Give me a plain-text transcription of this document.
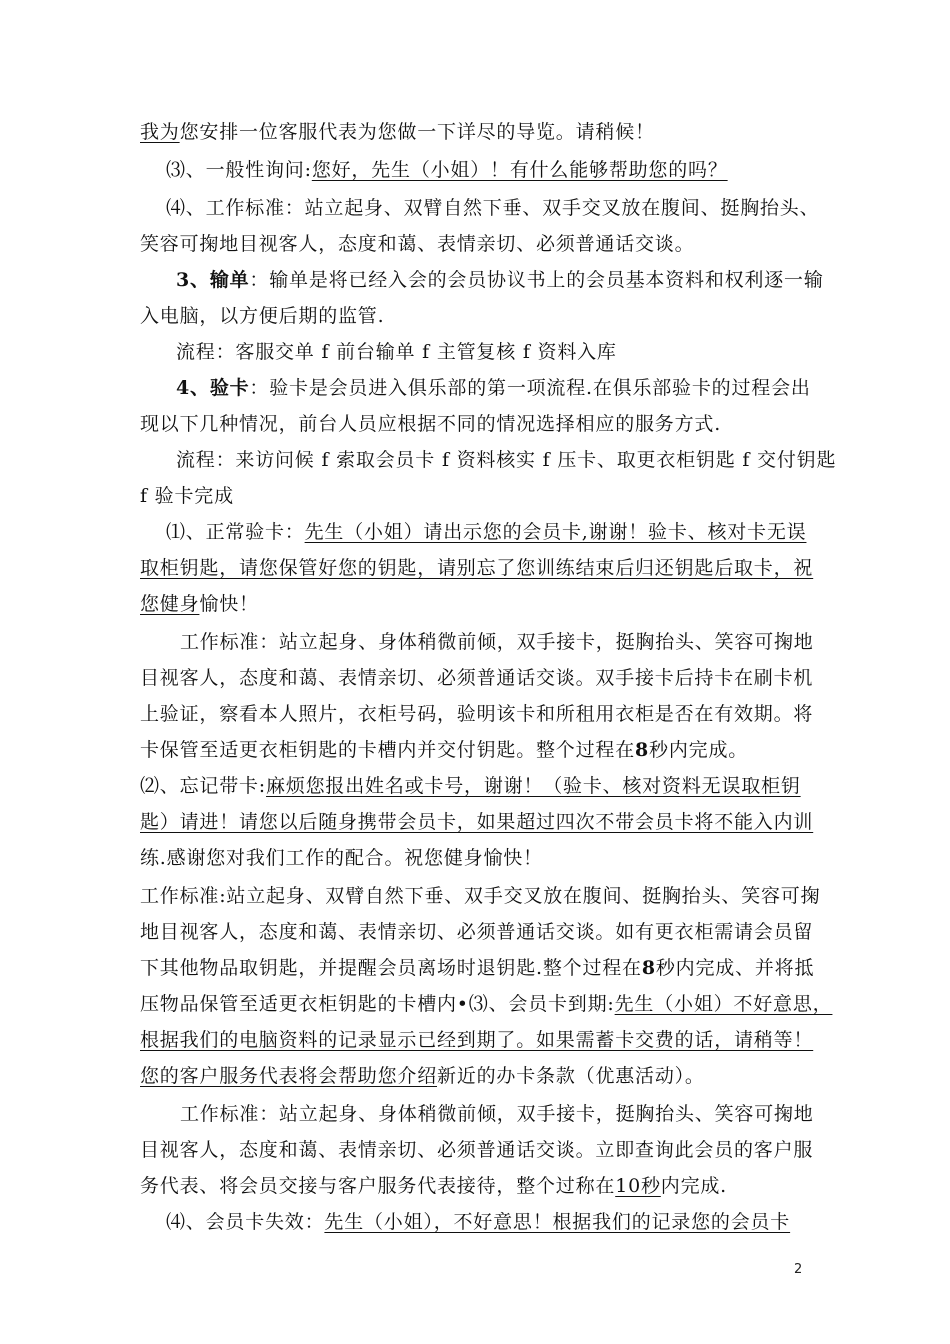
2
我为您安排一位客服代表为您做一下详尽的导览。请稍候！
⑶、一般性询问:您好，先生（小姐）！有什么能够帮助您的吗？
⑷、工作标准：站立起身、双臂自然下垂、双手交叉放在腹间、挺胸抬头、
笑容可掬地目视客人，态度和蔼、表情亲切、必须普通话交谈。
3、输单：输单是将已经入会的会员协议书上的会员基本资料和权利逐一输
入电脑，以方便后期的监管.
流程：客服交单 f 前台输单 f 主管复核 f 资料入库
4、验卡：验卡是会员进入俱乐部的第一项流程.在俱乐部验卡的过程会出
现以下几种情况，前台人员应根据不同的情况选择相应的服务方式.
流程：来访问候 f 索取会员卡 f 资料核实 f 压卡、取更衣柜钥匙 f 交付钥匙
f 验卡完成
⑴、正常验卡：先生（小姐）请出示您的会员卡,谢谢！验卡、核对卡无误
取柜钥匙，请您保管好您的钥匙，请别忘了您训练结束后归还钥匙后取卡，祝
您健身愉快！
工作标准：站立起身、身体稍微前倾，双手接卡，挺胸抬头、笑容可掬地
目视客人，态度和蔼、表情亲切、必须普通话交谈。双手接卡后持卡在刷卡机
上验证，察看本人照片，衣柜号码，验明该卡和所租用衣柜是否在有效期。将
卡保管至适更衣柜钥匙的卡槽内并交付钥匙。整个过程在8秒内完成。
⑵、忘记带卡:麻烦您报出姓名或卡号，谢谢！（验卡、核对资料无误取柜钥
匙）请进！请您以后随身携带会员卡，如果超过四次不带会员卡将不能入内训
练.感谢您对我们工作的配合。祝您健身愉快！
工作标准:站立起身、双臂自然下垂、双手交叉放在腹间、挺胸抬头、笑容可掬
地目视客人，态度和蔼、表情亲切、必须普通话交谈。如有更衣柜需请会员留
下其他物品取钥匙，并提醒会员离场时退钥匙.整个过程在8秒内完成、并将抵
压物品保管至适更衣柜钥匙的卡槽内•⑶、会员卡到期:先生（小姐）不好意思，
根据我们的电脑资料的记录显示已经到期了。如果需蓄卡交费的话，请稍等！
您的客户服务代表将会帮助您介绍新近的办卡条款（优惠活动）。
工作标准：站立起身、身体稍微前倾，双手接卡，挺胸抬头、笑容可掬地
目视客人，态度和蔼、表情亲切、必须普通话交谈。立即查询此会员的客户服
务代表、将会员交接与客户服务代表接待，整个过称在10秒内完成.
⑷、会员卡失效：先生（小姐），不好意思！根据我们的记录您的会员卡
